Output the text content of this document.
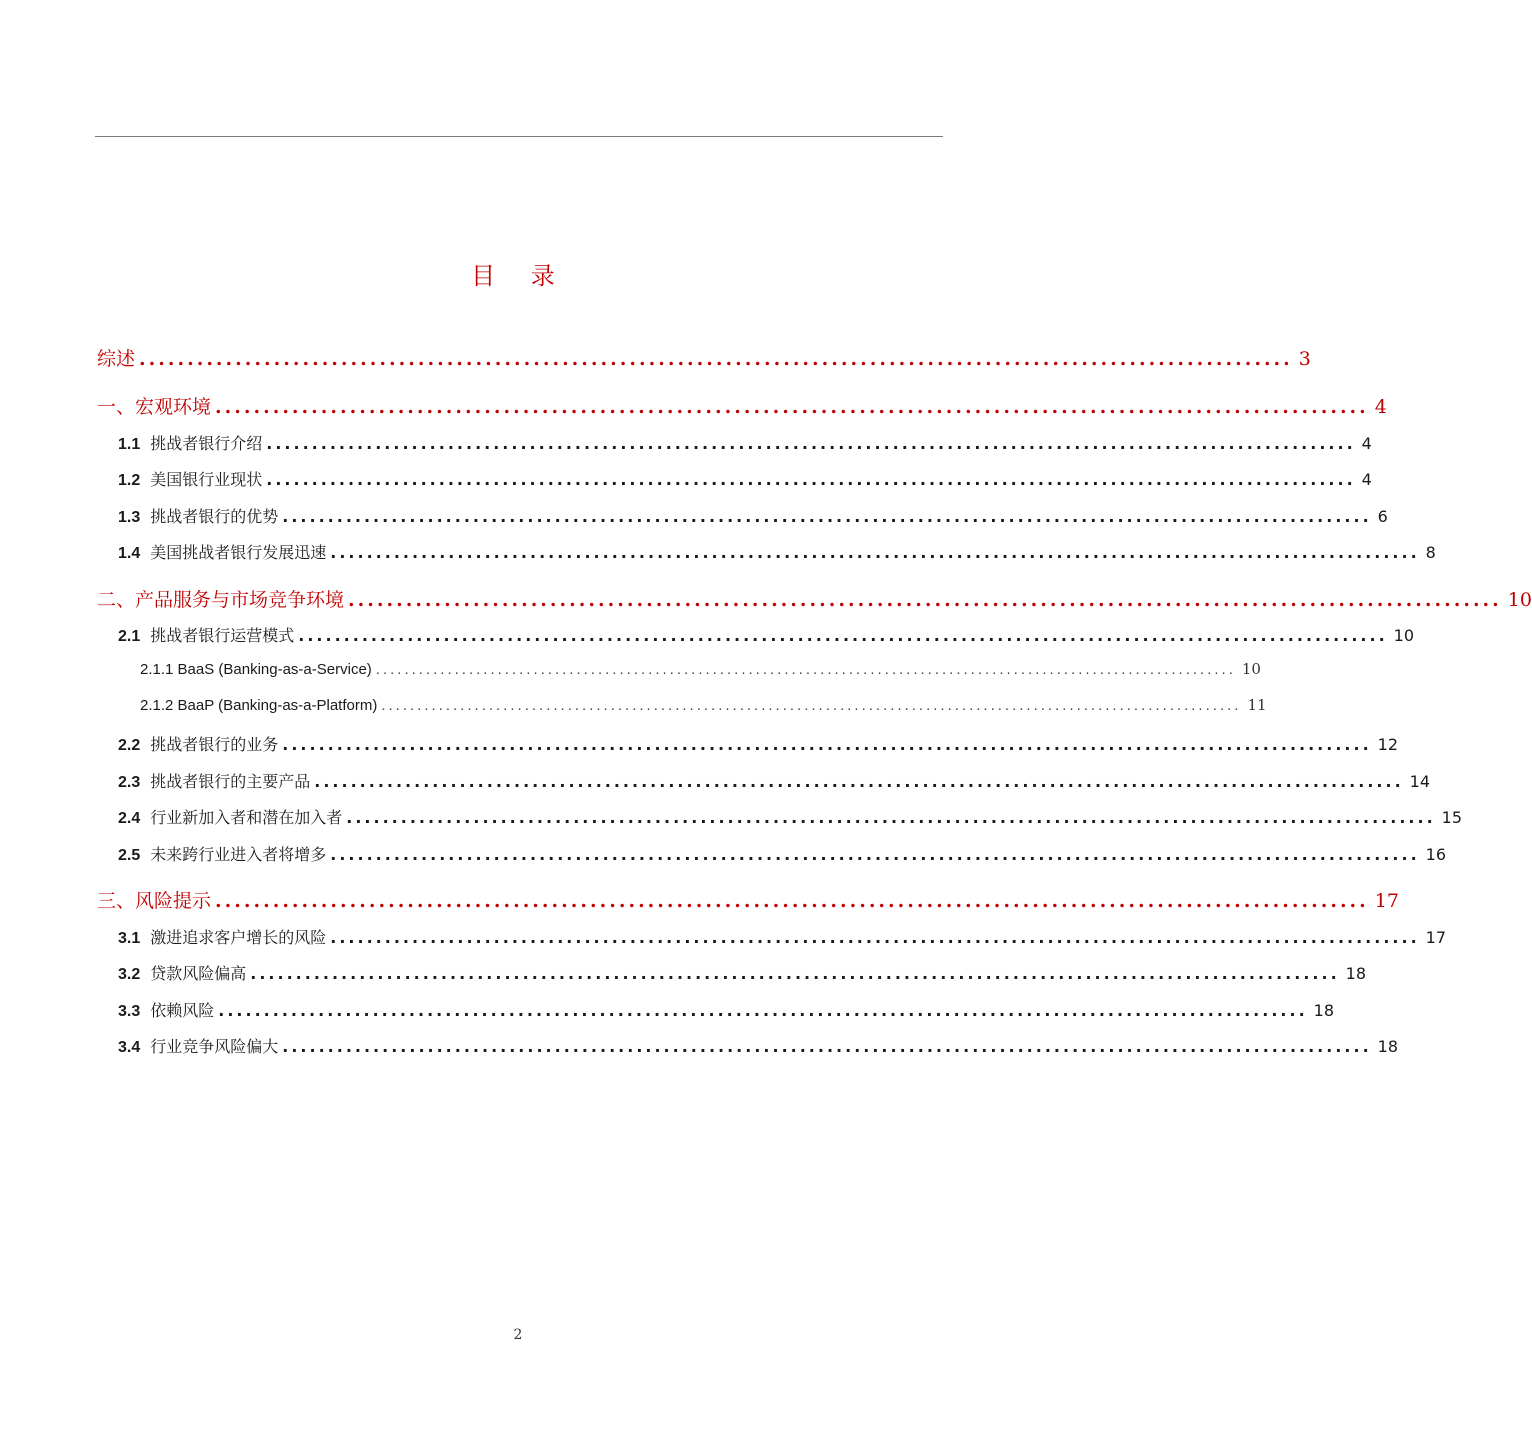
目 录
综述 ........................................................................................................................ 3
一、宏观环境 ........................................................................................................................ 4
1.1 挑战者银行介绍 ........................................................................................................................ 4
1.2 美国银行业现状 ........................................................................................................................ 4
1.3 挑战者银行的优势 ........................................................................................................................ 6
1.4 美国挑战者银行发展迅速 ........................................................................................................................ 8
二、产品服务与市场竞争环境 ........................................................................................................................ 10
2.1 挑战者银行运营模式 ........................................................................................................................ 10
2.1.1 BaaS (Banking-as-a-Service) ........................................................................................................................ 10
2.1.2 BaaP (Banking-as-a-Platform) ........................................................................................................................ 11
2.2 挑战者银行的业务 ........................................................................................................................ 12
2.3 挑战者银行的主要产品 ........................................................................................................................ 14
2.4 行业新加入者和潜在加入者 ........................................................................................................................ 15
2.5 未来跨行业进入者将增多 ........................................................................................................................ 16
三、风险提示 ........................................................................................................................ 17
3.1 激进追求客户增长的风险 ........................................................................................................................ 17
3.2 贷款风险偏高 ........................................................................................................................ 18
3.3 依赖风险 ........................................................................................................................ 18
3.4 行业竞争风险偏大 ........................................................................................................................ 18
2
